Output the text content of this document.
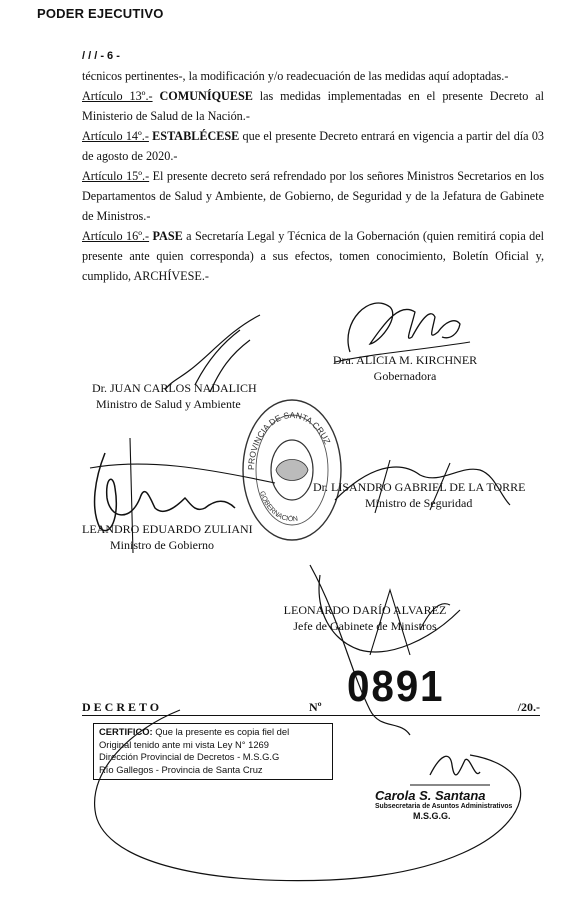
PODER EJECUTIVO

/ / / - 6 -

técnicos pertinentes-, la modificación y/o readecuación de las medidas aquí adoptadas.-

Artículo 13º.- COMUNÍQUESE las medidas implementadas en el presente Decreto al Ministerio de Salud de la Nación.-

Artículo 14º.- ESTABLÉCESE que el presente Decreto entrará en vigencia a partir del día 03 de agosto de 2020.-

Artículo 15º.- El presente decreto será refrendado por los señores Ministros Secretarios en los Departamentos de Salud y Ambiente, de Gobierno, de Seguridad y de la Jefatura de Gabinete de Ministros.-

Artículo 16º.- PASE a Secretaría Legal y Técnica de la Gobernación (quien remitirá copia del presente ante quien corresponda) a sus efectos, tomen conocimiento, Boletín Oficial y, cumplido, ARCHÍVESE.-

Dra. ALICIA M. KIRCHNER
Gobernadora
Dr. JUAN CARLOS NADALICH
Ministro de Salud y Ambiente
PROVINCIA DE SANTA CRUZ
GOBERNACIÓN
Dr. LISANDRO GABRIEL DE LA TORRE
Ministro de Seguridad
LEANDRO EDUARDO ZULIANI
Ministro de Gobierno
LEONARDO DARÍO ALVAREZ
Jefe de Gabinete de Ministros
DECRETO	Nº	/20.-
0891
CERTIFICO: Que la presente es copia fiel del
Original tenido ante mi vista Ley N° 1269
Dirección Provincial de Decretos - M.S.G.G
Río Gallegos - Provincia de Santa Cruz
Carola S. Santana
Subsecretaria de Asuntos Administrativos
M.S.G.G.
